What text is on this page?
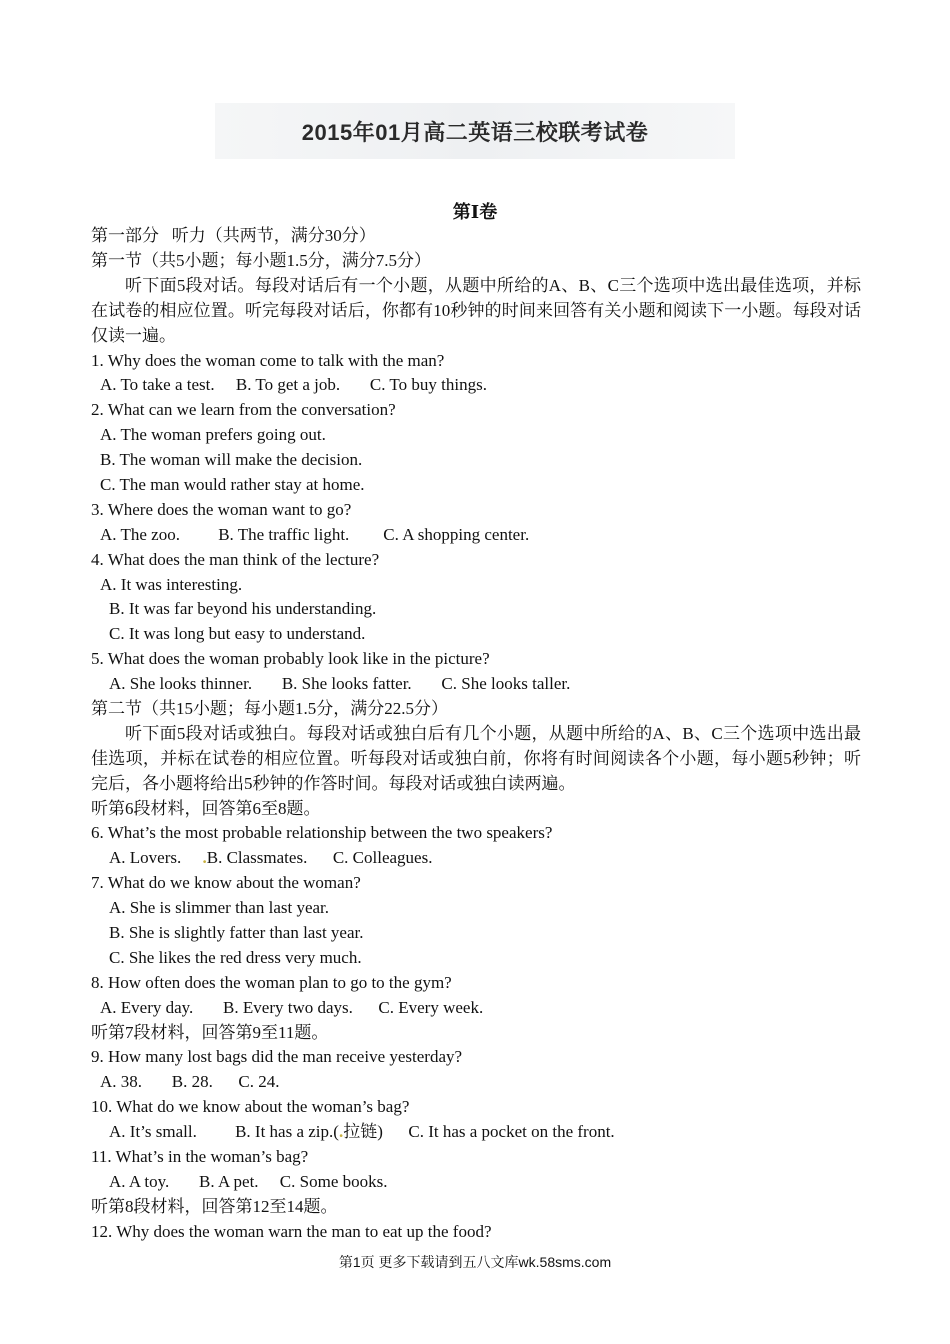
2015年01月高二英语三校联考试卷
第Ⅰ卷
第一部分   听力（共两节，满分30分）
第一节（共5小题；每小题1.5分，满分7.5分）

听下面5段对话。每段对话后有一个小题，从题中所给的A、B、C三个选项中选出最佳选项，并标在试卷的相应位置。听完每段对话后，你都有10秒钟的时间来回答有关小题和阅读下一小题。每段对话仅读一遍。

1. Why does the woman come to talk with the man?
A. To take a test.     B. To get a job.       C. To buy things.
2. What can we learn from the conversation?
A. The woman prefers going out.
B. The woman will make the decision.
C. The man would rather stay at home.
3. Where does the woman want to go?
A. The zoo.         B. The traffic light.        C. A shopping center.
4. What does the man think of the lecture?
A. It was interesting.
B. It was far beyond his understanding.
C. It was long but easy to understand.
5. What does the woman probably look like in the picture?
A. She looks thinner.       B. She looks fatter.       C. She looks taller.
第二节（共15小题；每小题1.5分，满分22.5分）

听下面5段对话或独白。每段对话或独白后有几个小题，从题中所给的A、B、C三个选项中选出最佳选项，并标在试卷的相应位置。听每段对话或独白前，你将有时间阅读各个小题，每小题5秒钟；听完后，各小题将给出5秒钟的作答时间。每段对话或独白读两遍。

听第6段材料，回答第6至8题。
6. What’s the most probable relationship between the two speakers?
A. Lovers.     .B. Classmates.      C. Colleagues.
7. What do we know about the woman?
A. She is slimmer than last year.
B. She is slightly fatter than last year.
C. She likes the red dress very much.
8. How often does the woman plan to go to the gym?
A. Every day.       B. Every two days.      C. Every week.
听第7段材料，回答第9至11题。
9. How many lost bags did the man receive yesterday?
A. 38.       B. 28.      C. 24.
10. What do we know about the woman’s bag?
A. It’s small.         B. It has a zip.(.拉链)      C. It has a pocket on the front.
11. What’s in the woman’s bag?
A. A toy.       B. A pet.     C. Some books.
听第8段材料，回答第12至14题。
12. Why does the woman warn the man to eat up the food?
第1页 更多下载请到五八文库wk.58sms.com
